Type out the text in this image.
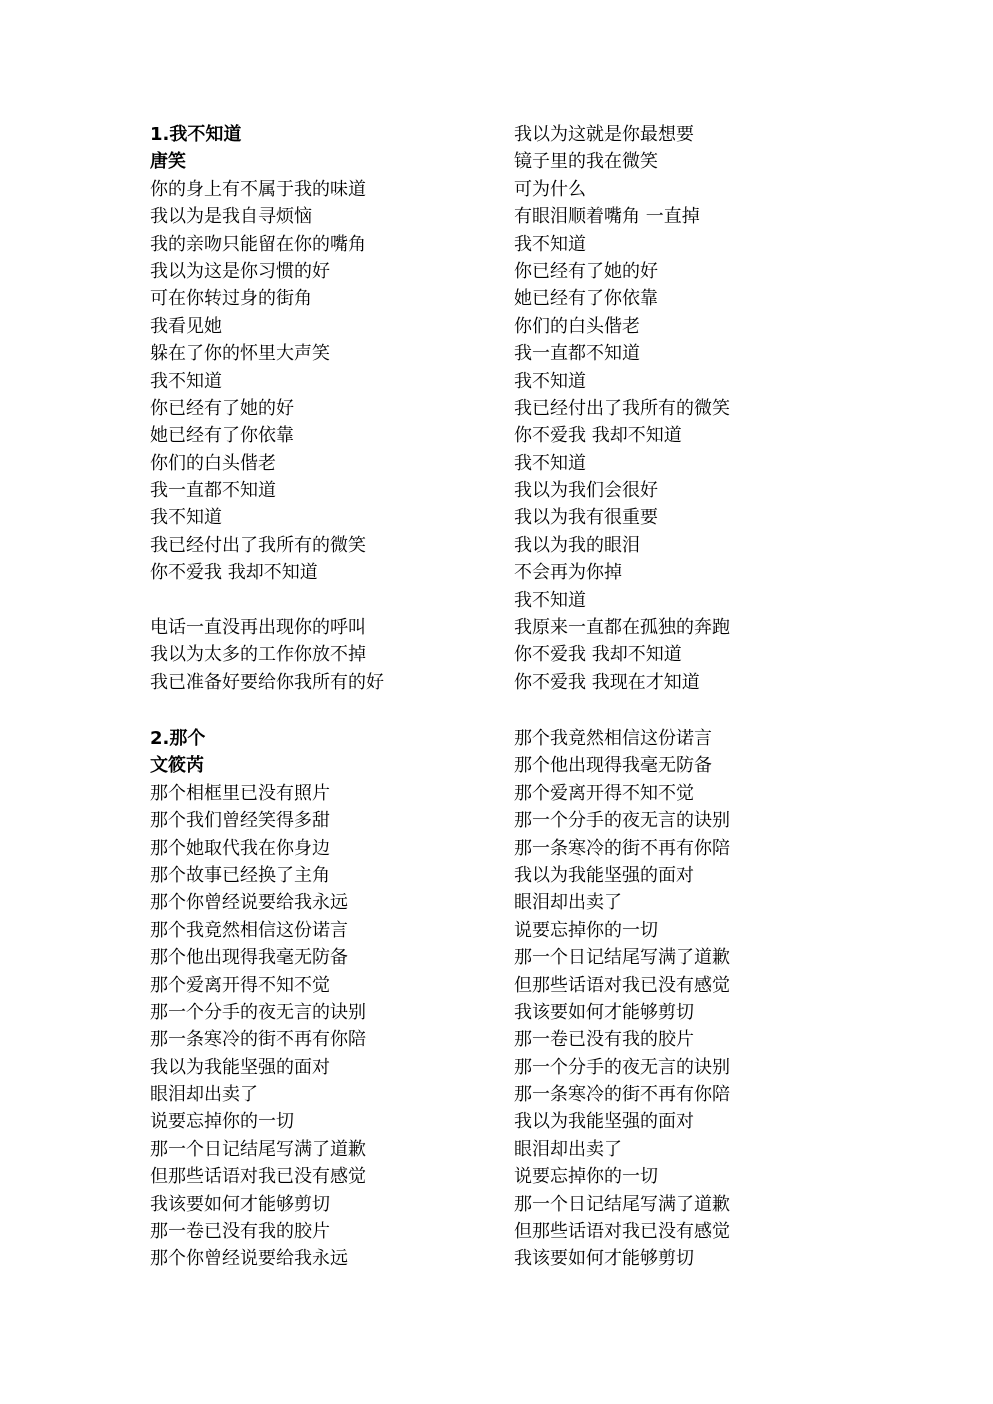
1.我不知道
唐笑
你的身上有不属于我的味道
我以为是我自寻烦恼
我的亲吻只能留在你的嘴角
我以为这是你习惯的好
可在你转过身的街角
我看见她
躲在了你的怀里大声笑
我不知道
你已经有了她的好
她已经有了你依靠
你们的白头偕老
我一直都不知道
我不知道
我已经付出了我所有的微笑
你不爱我 我却不知道
电话一直没再出现你的呼叫
我以为太多的工作你放不掉
我已准备好要给你我所有的好
我以为这就是你最想要
镜子里的我在微笑
可为什么
有眼泪顺着嘴角 一直掉
我不知道
你已经有了她的好
她已经有了你依靠
你们的白头偕老
我一直都不知道
我不知道
我已经付出了我所有的微笑
你不爱我 我却不知道
我不知道
我以为我们会很好
我以为我有很重要
我以为我的眼泪
不会再为你掉
我不知道
我原来一直都在孤独的奔跑
你不爱我 我却不知道
你不爱我 我现在才知道
2.那个
文筱芮
那个相框里已没有照片
那个我们曾经笑得多甜
那个她取代我在你身边
那个故事已经换了主角
那个你曾经说要给我永远
那个我竟然相信这份诺言
那个他出现得我毫无防备
那个爱离开得不知不觉
那一个分手的夜无言的诀别
那一条寒冷的街不再有你陪
我以为我能坚强的面对
眼泪却出卖了
说要忘掉你的一切
那一个日记结尾写满了道歉
但那些话语对我已没有感觉
我该要如何才能够剪切
那一卷已没有我的胶片
那个你曾经说要给我永远
那个我竟然相信这份诺言
那个他出现得我毫无防备
那个爱离开得不知不觉
那一个分手的夜无言的诀别
那一条寒冷的街不再有你陪
我以为我能坚强的面对
眼泪却出卖了
说要忘掉你的一切
那一个日记结尾写满了道歉
但那些话语对我已没有感觉
我该要如何才能够剪切
那一卷已没有我的胶片
那一个分手的夜无言的诀别
那一条寒冷的街不再有你陪
我以为我能坚强的面对
眼泪却出卖了
说要忘掉你的一切
那一个日记结尾写满了道歉
但那些话语对我已没有感觉
我该要如何才能够剪切
